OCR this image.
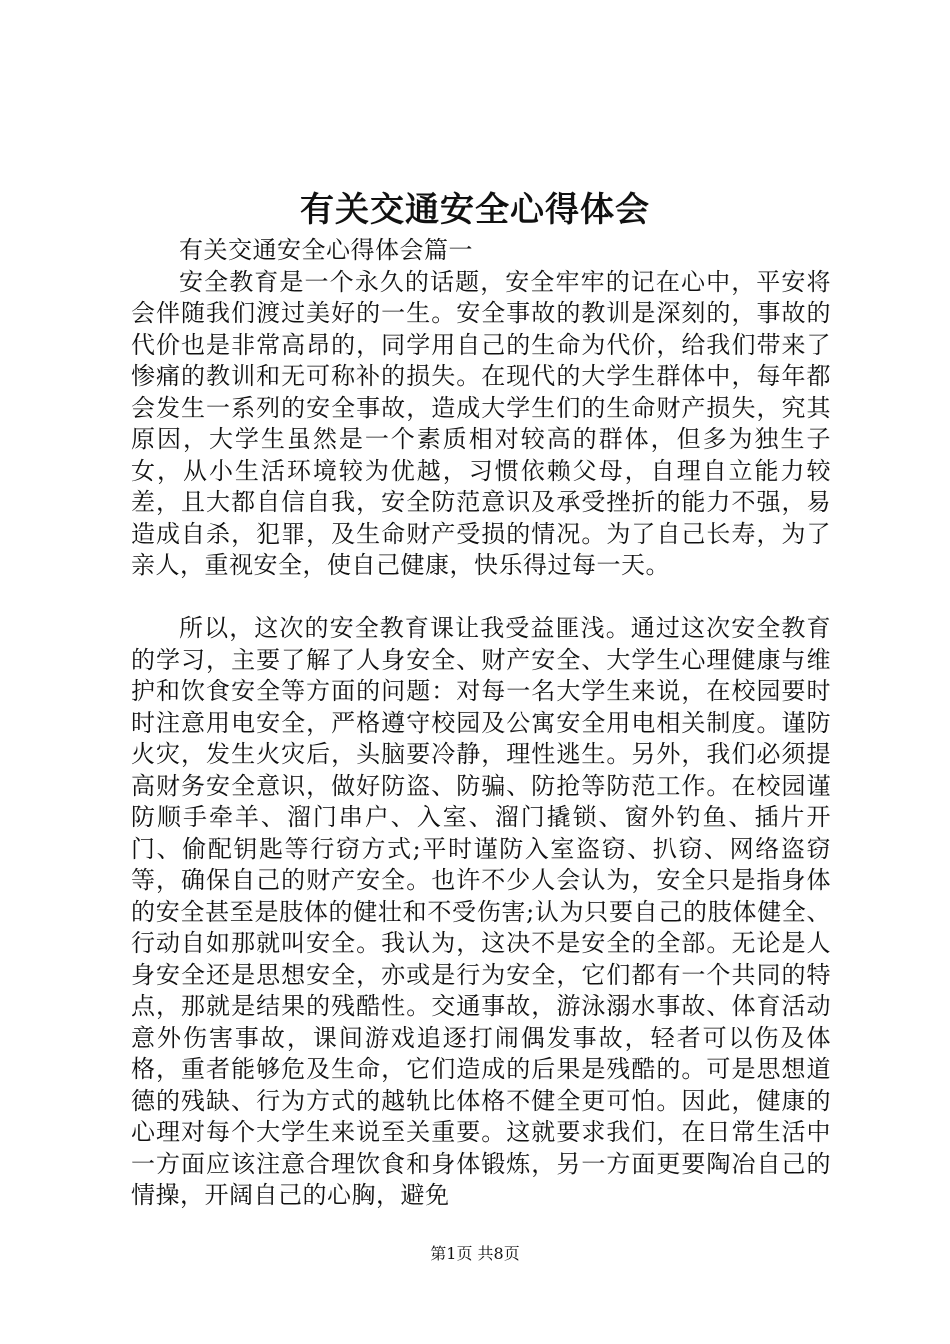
有关交通安全心得体会

有关交通安全心得体会篇一

安全教育是一个永久的话题，安全牢牢的记在心中，平安将会伴随我们渡过美好的一生。安全事故的教训是深刻的，事故的代价也是非常高昂的，同学用自己的生命为代价，给我们带来了惨痛的教训和无可称补的损失。在现代的大学生群体中，每年都会发生一系列的安全事故，造成大学生们的生命财产损失，究其原因，大学生虽然是一个素质相对较高的群体，但多为独生子女，从小生活环境较为优越，习惯依赖父母，自理自立能力较差，且大都自信自我，安全防范意识及承受挫折的能力不强，易造成自杀，犯罪，及生命财产受损的情况。为了自己长寿，为了亲人，重视安全，使自己健康，快乐得过每一天。

所以，这次的安全教育课让我受益匪浅。通过这次安全教育的学习，主要了解了人身安全、财产安全、大学生心理健康与维护和饮食安全等方面的问题：对每一名大学生来说，在校园要时时注意用电安全，严格遵守校园及公寓安全用电相关制度。谨防火灾，发生火灾后，头脑要冷静，理性逃生。另外，我们必须提高财务安全意识，做好防盗、防骗、防抢等防范工作。在校园谨防顺手牵羊、溜门串户、入室、溜门撬锁、窗外钓鱼、插片开门、偷配钥匙等行窃方式;平时谨防入室盗窃、扒窃、网络盗窃等，确保自己的财产安全。也许不少人会认为，安全只是指身体的安全甚至是肢体的健壮和不受伤害;认为只要自己的肢体健全、行动自如那就叫安全。我认为，这决不是安全的全部。无论是人身安全还是思想安全，亦或是行为安全，它们都有一个共同的特点，那就是结果的残酷性。交通事故，游泳溺水事故、体育活动意外伤害事故，课间游戏追逐打闹偶发事故，轻者可以伤及体格，重者能够危及生命，它们造成的后果是残酷的。可是思想道德的残缺、行为方式的越轨比体格不健全更可怕。因此，健康的心理对每个大学生来说至关重要。这就要求我们，在日常生活中一方面应该注意合理饮食和身体锻炼，另一方面更要陶冶自己的情操，开阔自己的心胸，避免

第1页 共8页
